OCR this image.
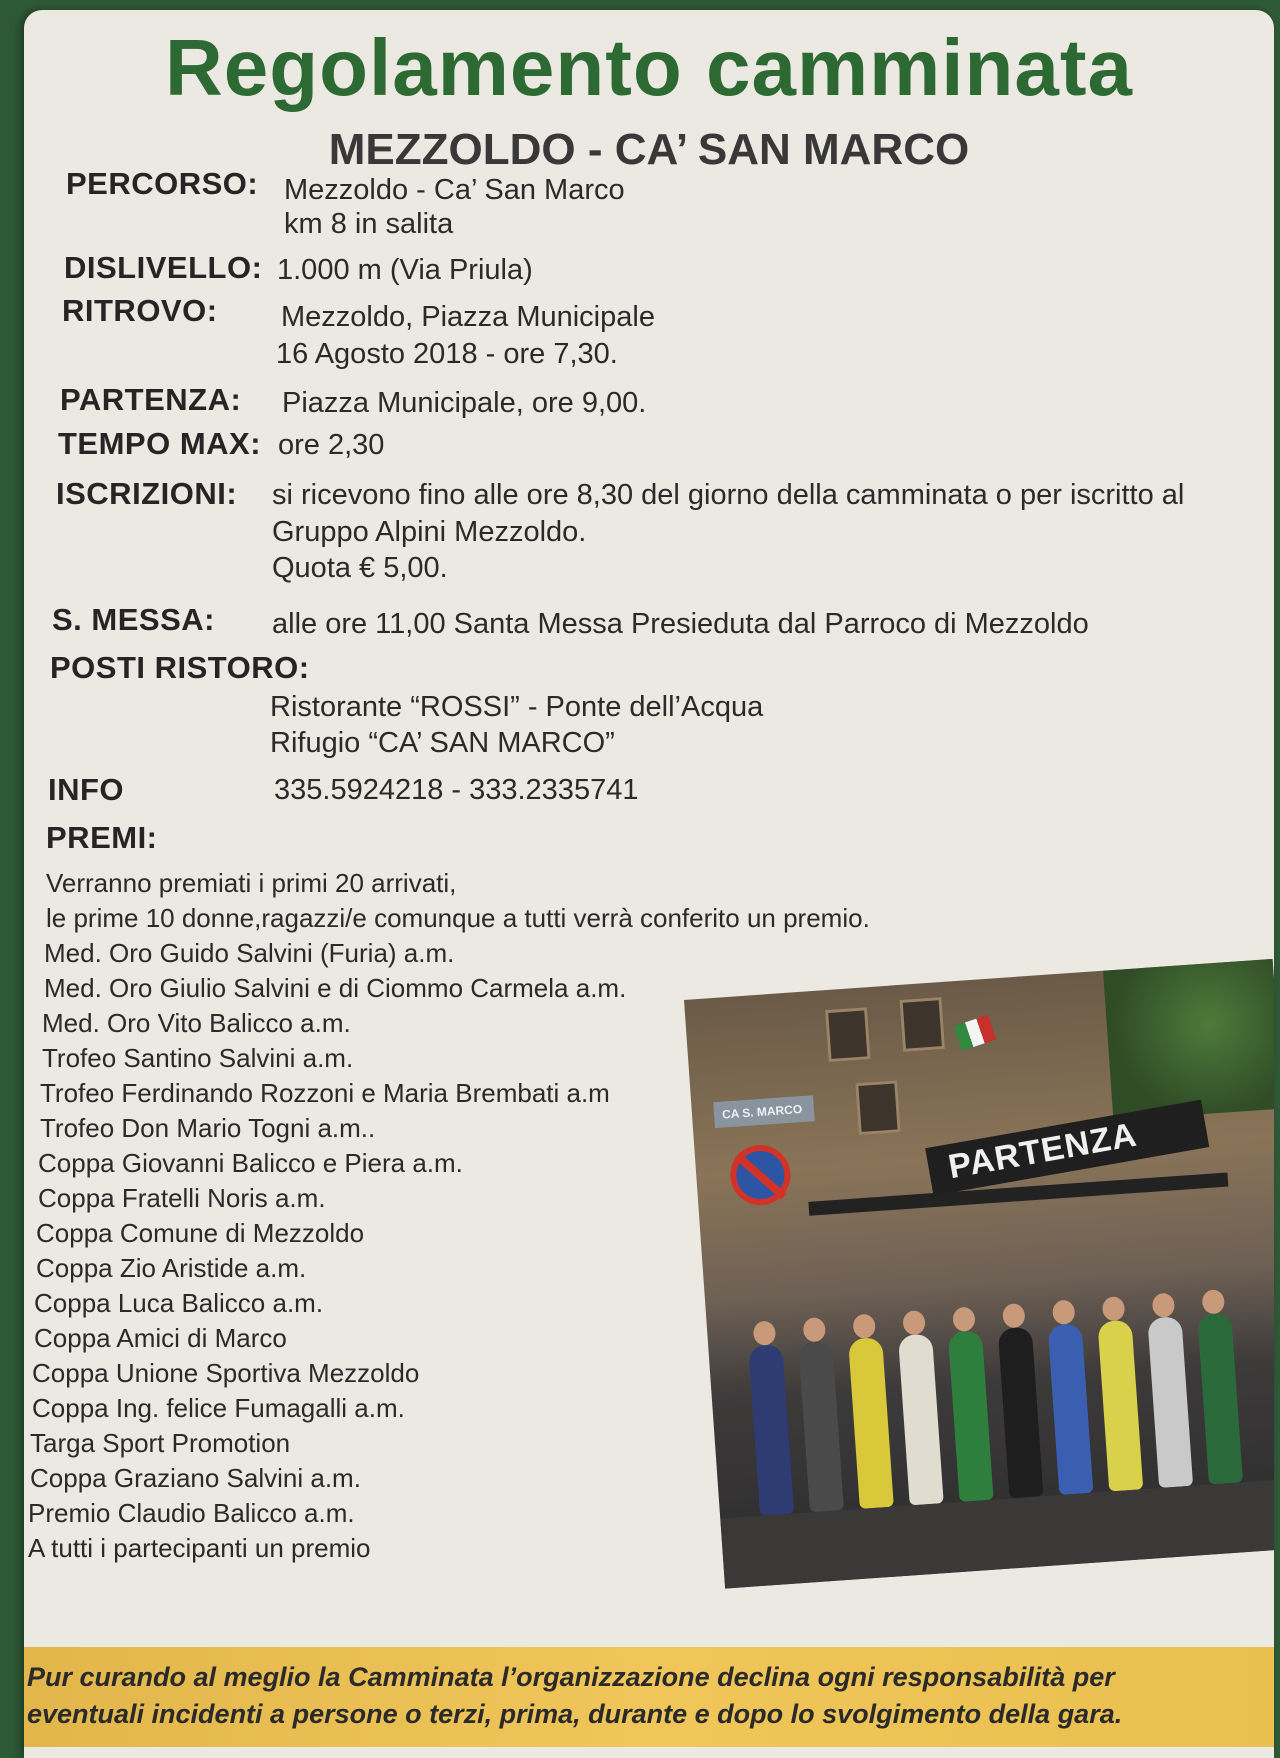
Regolamento camminata
MEZZOLDO - CA’ SAN MARCO
PERCORSO: Mezzoldo - Ca’ San Marco
km 8 in salita
DISLIVELLO: 1.000 m (Via Priula)
RITROVO: Mezzoldo, Piazza Municipale
16 Agosto 2018 - ore 7,30.
PARTENZA: Piazza Municipale, ore 9,00.
TEMPO MAX: ore 2,30
ISCRIZIONI: si ricevono fino alle ore 8,30 del giorno della camminata o per iscritto al
Gruppo Alpini Mezzoldo.
Quota € 5,00.
S. MESSA: alle ore 11,00 Santa Messa Presieduta dal Parroco di Mezzoldo
POSTI RISTORO:
Ristorante “ROSSI” - Ponte dell’Acqua
Rifugio “CA’ SAN MARCO”
INFO	335.5924218 - 333.2335741
PREMI:
Verranno premiati i primi 20 arrivati,
le prime 10 donne,ragazzi/e comunque a tutti verrà conferito un premio.
Med. Oro Guido Salvini (Furia) a.m.
Med. Oro Giulio Salvini e di Ciommo Carmela a.m.
Med. Oro Vito Balicco a.m.
Trofeo Santino Salvini a.m.
Trofeo Ferdinando Rozzoni e Maria Brembati a.m
Trofeo Don Mario Togni a.m..
Coppa Giovanni Balicco e Piera a.m.
Coppa Fratelli Noris a.m.
Coppa Comune di Mezzoldo
Coppa Zio Aristide a.m.
Coppa Luca Balicco a.m.
Coppa Amici di Marco
Coppa Unione Sportiva Mezzoldo
Coppa Ing. felice Fumagalli a.m.
Targa Sport Promotion
Coppa Graziano Salvini a.m.
Premio Claudio Balicco a.m.
A tutti i partecipanti un premio
CA S. MARCO
PARTENZA
Pur curando al meglio la Camminata l’organizzazione declina ogni responsabilità per
eventuali incidenti a persone o terzi, prima, durante e dopo lo svolgimento della gara.
